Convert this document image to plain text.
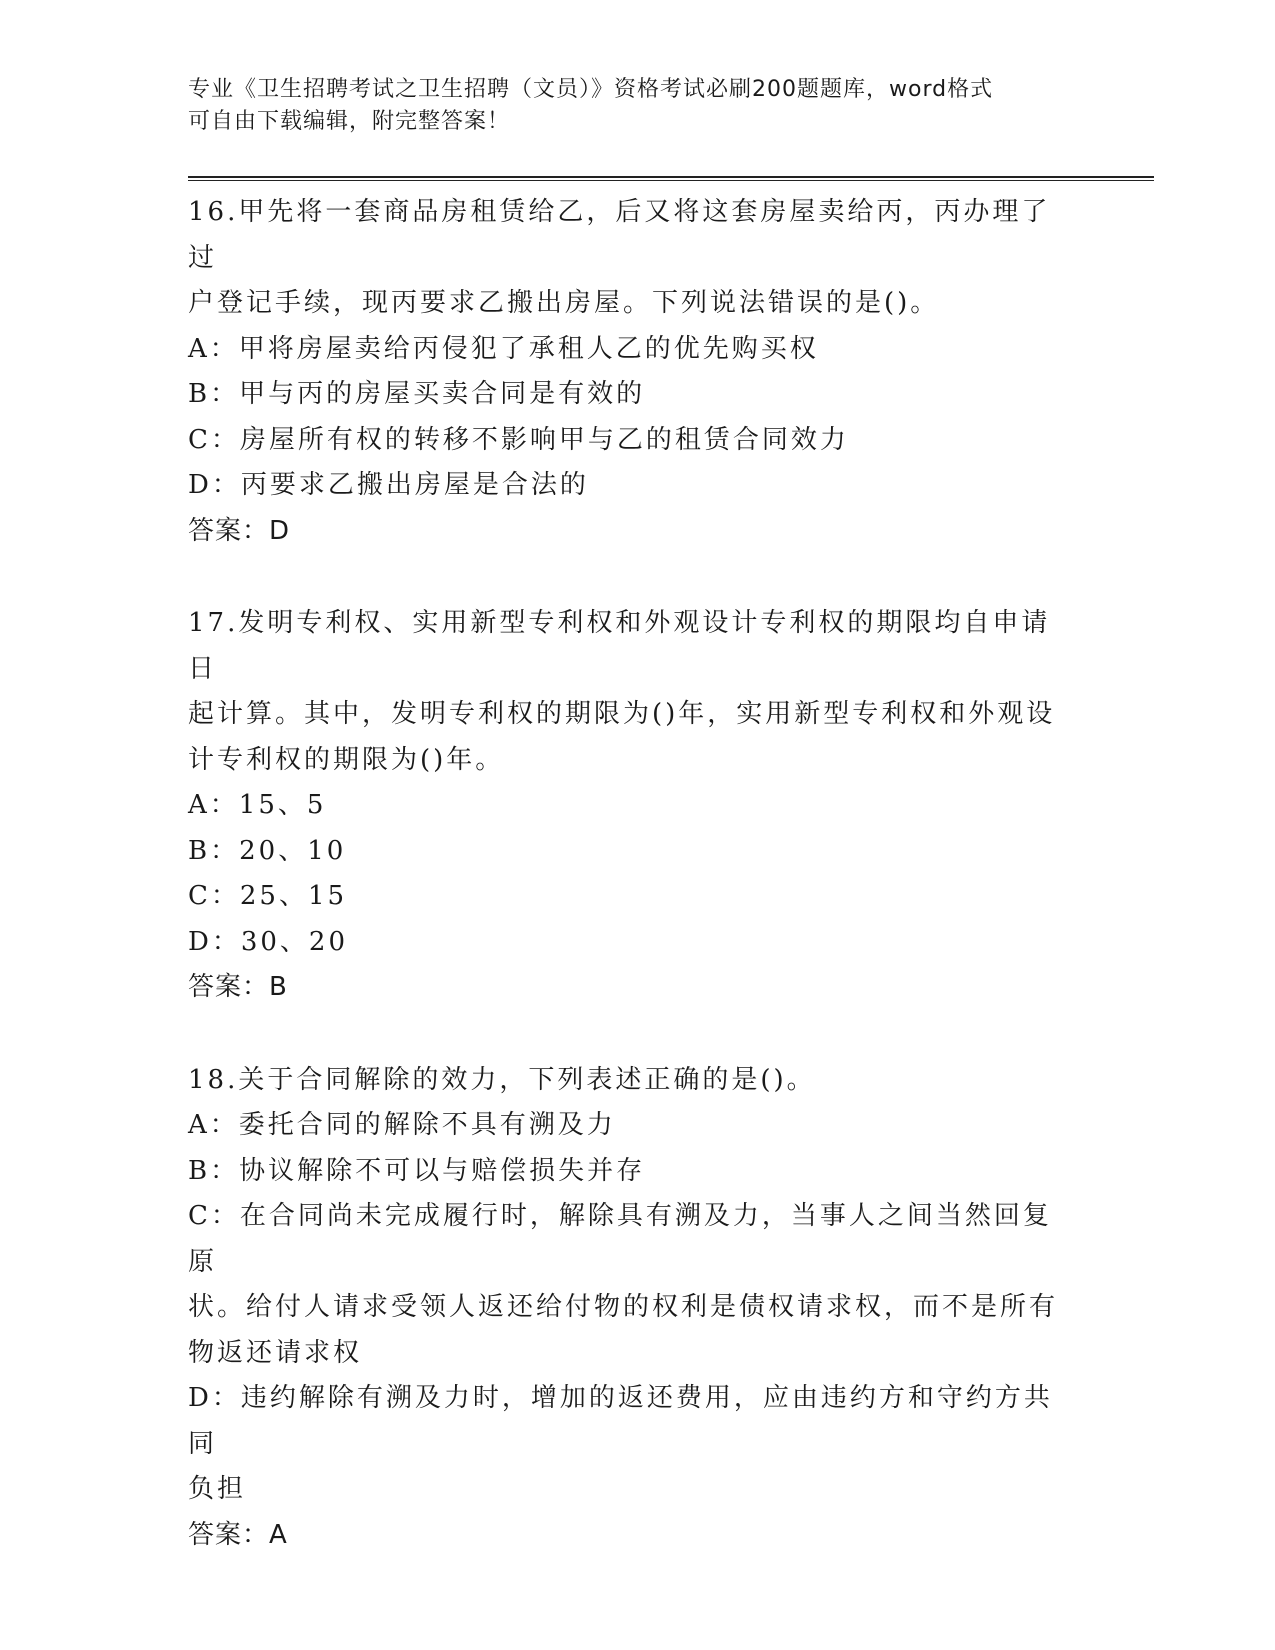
专业《卫生招聘考试之卫生招聘（文员）》资格考试必刷200题题库，word格式
可自由下载编辑，附完整答案！
16.甲先将一套商品房租赁给乙，后又将这套房屋卖给丙，丙办理了过
户登记手续，现丙要求乙搬出房屋。下列说法错误的是()。
A：甲将房屋卖给丙侵犯了承租人乙的优先购买权
B：甲与丙的房屋买卖合同是有效的
C：房屋所有权的转移不影响甲与乙的租赁合同效力
D：丙要求乙搬出房屋是合法的
答案：D
17.发明专利权、实用新型专利权和外观设计专利权的期限均自申请日
起计算。其中，发明专利权的期限为()年，实用新型专利权和外观设
计专利权的期限为()年。
A：15、5
B：20、10
C：25、15
D：30、20
答案：B
18.关于合同解除的效力，下列表述正确的是()。
A：委托合同的解除不具有溯及力
B：协议解除不可以与赔偿损失并存
C：在合同尚未完成履行时，解除具有溯及力，当事人之间当然回复原
状。给付人请求受领人返还给付物的权利是债权请求权，而不是所有
物返还请求权
D：违约解除有溯及力时，增加的返还费用，应由违约方和守约方共同
负担
答案：A
